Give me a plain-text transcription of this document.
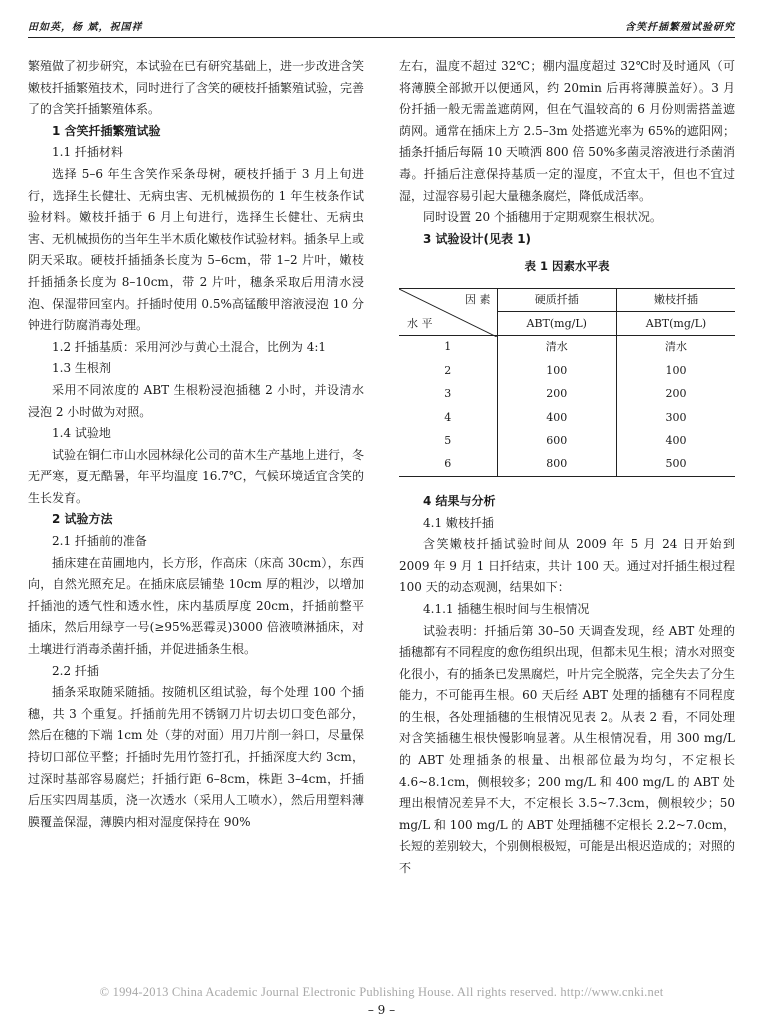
田如英，杨 斌，祝国祥	含笑扦插繁殖试验研究
繁殖做了初步研究，本试验在已有研究基础上，进一步改进含笑嫩枝扦插繁殖技术，同时进行了含笑的硬枝扦插繁殖试验，完善了的含笑扦插繁殖体系。
1 含笑扦插繁殖试验
1.1 扦插材料
选择 5–6 年生含笑作采条母树，硬枝扦插于 3 月上旬进行，选择生长健壮、无病虫害、无机械损伤的 1 年生枝条作试验材料。嫩枝扦插于 6 月上旬进行，选择生长健壮、无病虫害、无机械损伤的当年生半木质化嫩枝作试验材料。插条早上或阴天采取。硬枝扦插插条长度为 5–6cm，带 1–2 片叶，嫩枝扦插插条长度为 8–10cm，带 2 片叶，穗条采取后用清水浸泡、保湿带回室内。扦插时使用 0.5%高锰酸甲溶液浸泡 10 分钟进行防腐消毒处理。
1.2 扦插基质：采用河沙与黄心土混合，比例为 4:1
1.3 生根剂
采用不同浓度的 ABT 生根粉浸泡插穗 2 小时，并设清水浸泡 2 小时做为对照。
1.4 试验地
试验在铜仁市山水园林绿化公司的苗木生产基地上进行，冬无严寒，夏无酷暑，年平均温度 16.7℃，气候环境适宜含笑的生长发育。
2 试验方法
2.1 扦插前的准备
插床建在苗圃地内，长方形，作高床（床高 30cm），东西向，自然光照充足。在插床底层铺垫 10cm 厚的粗沙，以增加扦插池的透气性和透水性，床内基质厚度 20cm，扦插前整平插床，然后用绿亨一号(≥95%恶霉灵)3000 倍液喷淋插床，对土壤进行消毒杀菌扦插，并促进插条生根。
2.2 扦插
插条采取随采随插。按随机区组试验，每个处理 100 个插穗，共 3 个重复。扦插前先用不锈钢刀片切去切口变色部分，然后在穗的下端 1cm 处（芽的对面）用刀片削一斜口，尽量保持切口部位平整；扦插时先用竹签打孔，扦插深度大约 3cm，过深时基部容易腐烂；扦插行距 6–8cm，株距 3–4cm，扦插后压实四周基质，浇一次透水（采用人工喷水），然后用塑料薄膜覆盖保湿，薄膜内相对湿度保持在 90%
左右，温度不超过 32℃；棚内温度超过 32℃时及时通风（可将薄膜全部掀开以便通风，约 20min 后再将薄膜盖好）。3 月份扦插一般无需盖遮荫网，但在气温较高的 6 月份则需搭盖遮荫网。通常在插床上方 2.5–3m 处搭遮光率为 65%的遮阳网；插条扦插后每隔 10 天喷洒 800 倍 50%多菌灵溶液进行杀菌消毒。扦插后注意保持基质一定的湿度，不宜太干，但也不宜过湿，过湿容易引起大量穗条腐烂，降低成活率。
同时设置 20 个插穗用于定期观察生根状况。
3 试验设计(见表 1)
表 1 因素水平表
因 素
水 平	硬质扦插	嫩枝扦插
	ABT(mg/L)	ABT(mg/L)
1	清水	清水
2	100	100
3	200	200
4	400	300
5	600	400
6	800	500
4 结果与分析
4.1 嫩枝扦插
含笑嫩枝扦插试验时间从 2009 年 5 月 24 日开始到 2009 年 9 月 1 日扦结束，共计 100 天。通过对扦插生根过程 100 天的动态观测，结果如下：
4.1.1 插穗生根时间与生根情况
试验表明：扦插后第 30–50 天调查发现，经 ABT 处理的插穗都有不同程度的愈伤组织出现，但都未见生根；清水对照变化很小，有的插条已发黑腐烂，叶片完全脱落，完全失去了分生能力，不可能再生根。60 天后经 ABT 处理的插穗有不同程度的生根，各处理插穗的生根情况见表 2。从表 2 看，不同处理对含笑插穗生根快慢影响显著。从生根情况看，用 300 mg/L 的 ABT 处理插条的根量、出根部位最为均匀，不定根长 4.6~8.1cm，侧根较多；200 mg/L 和 400 mg/L 的 ABT 处理出根情况差异不大，不定根长 3.5~7.3cm，侧根较少；50 mg/L 和 100 mg/L 的 ABT 处理插穗不定根长 2.2~7.0cm，长短的差别较大，个别侧根极短，可能是出根迟造成的；对照的不
© 1994-2013 China Academic Journal Electronic Publishing House. All rights reserved. http://www.cnki.net
– 9 –
